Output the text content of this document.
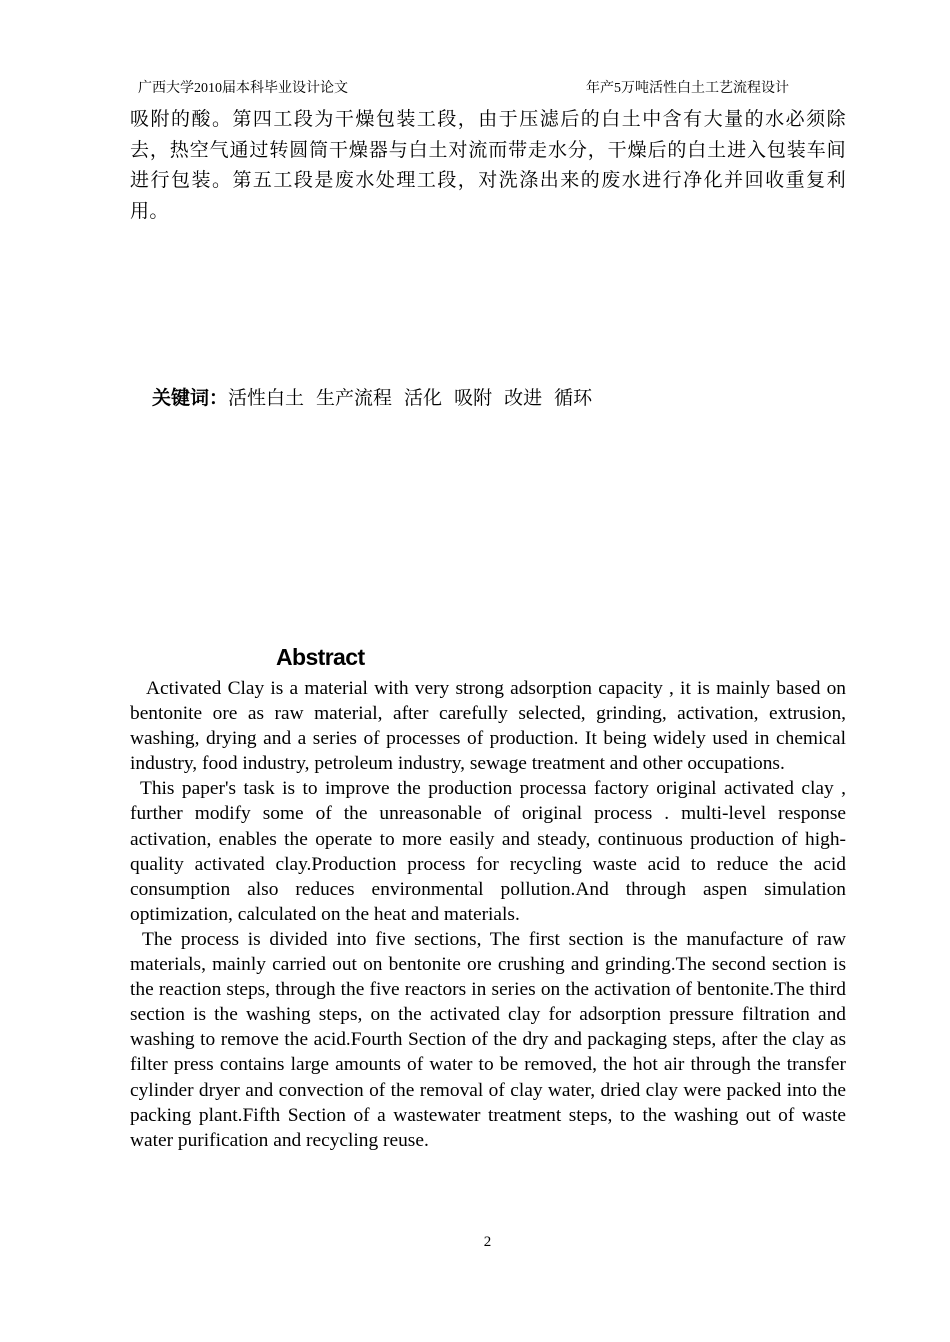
广西大学2010届本科毕业设计论文	年产5万吨活性白土工艺流程设计
吸附的酸。第四工段为干燥包装工段，由于压滤后的白土中含有大量的水必须除去，热空气通过转圆筒干燥器与白土对流而带走水分，干燥后的白土进入包装车间进行包装。第五工段是废水处理工段，对洗涤出来的废水进行净化并回收重复利用。
关键词：活性白土 生产流程 活化 吸附 改进 循环
Abstract

Activated Clay is a material with very strong adsorption capacity , it is mainly based on bentonite ore as raw material, after carefully selected, grinding, activation, extrusion, washing, drying and a series of processes of production. It being widely used in chemical industry, food industry, petroleum industry, sewage treatment and other occupations.

This paper's task is to improve the production processa factory original activated clay , further modify some of the unreasonable of original process . multi-level response activation, enables the operate to more easily and steady, continuous production of high-quality activated clay.Production process for recycling waste acid to reduce the acid consumption also reduces environmental pollution.And through aspen simulation optimization, calculated on the heat and materials.

The process is divided into five sections, The first section is the manufacture of raw materials, mainly carried out on bentonite ore crushing and grinding.The second section is the reaction steps, through the five reactors in series on the activation of bentonite.The third section is the washing steps, on the activated clay for adsorption pressure filtration and washing to remove the acid.Fourth Section of the dry and packaging steps, after the clay as filter press contains large amounts of water to be removed, the hot air through the transfer cylinder dryer and convection of the removal of clay water, dried clay were packed into the packing plant.Fifth Section of a wastewater treatment steps, to the washing out of waste water purification and recycling reuse.

2
